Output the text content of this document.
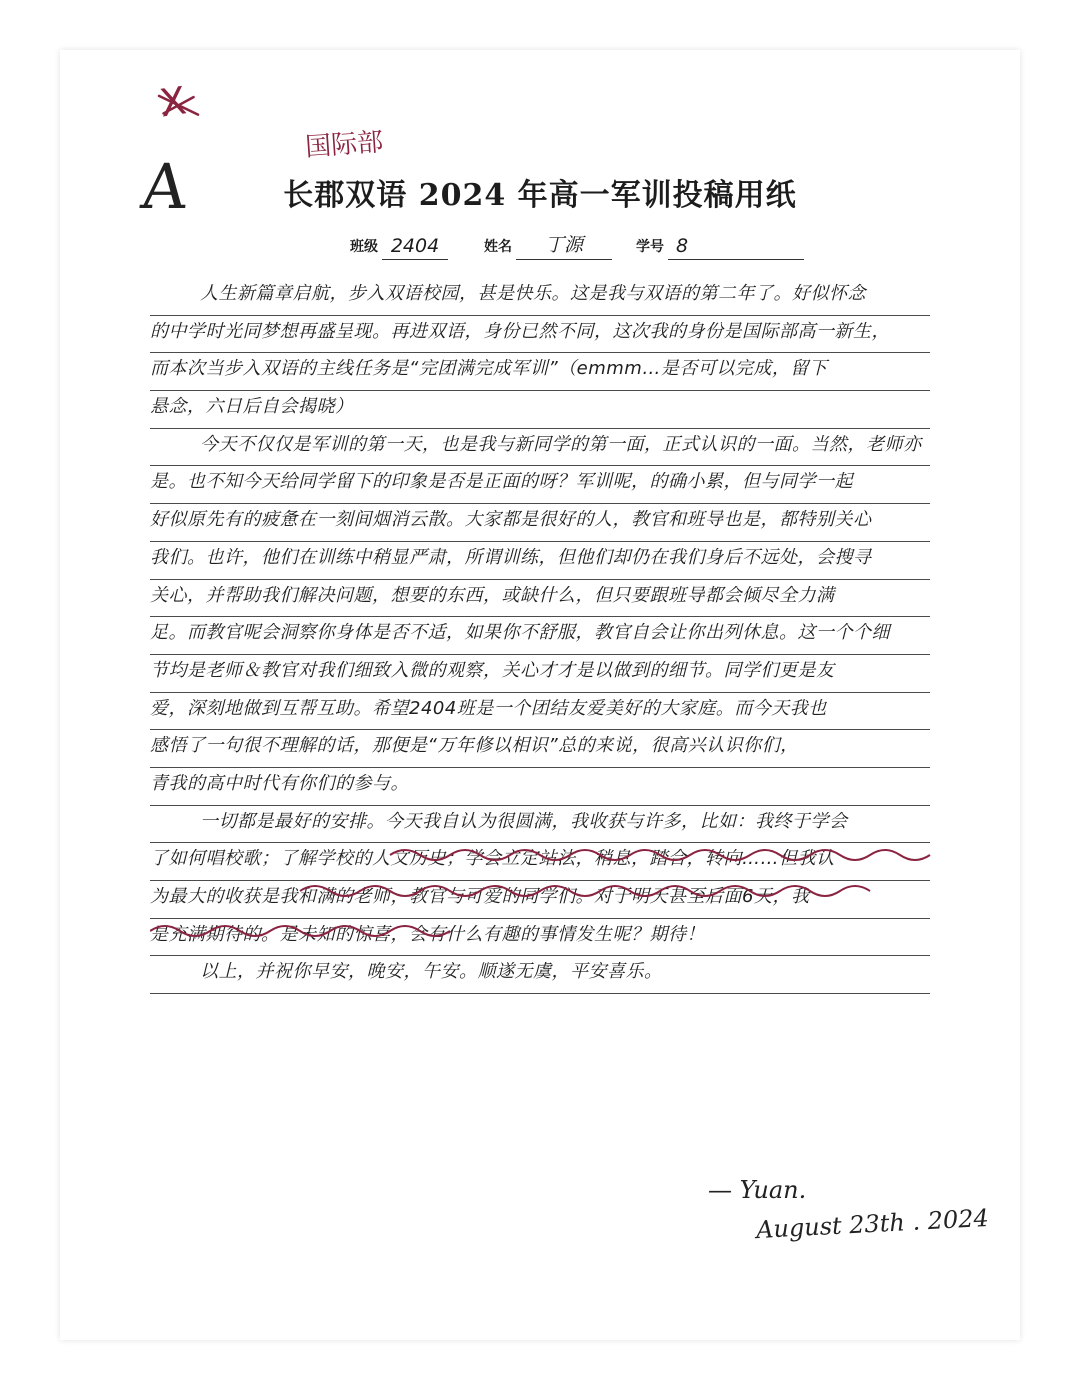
X
A
国际部
长郡双语 2024 年高一军训投稿用纸
班级 2404	姓名	丁源	学号 8
人生新篇章启航，步入双语校园，甚是快乐。这是我与双语的第二年了。好似怀念
的中学时光同梦想再盛呈现。再进双语，身份已然不同，这次我的身份是国际部高一新生，
而本次当步入双语的主线任务是“完团满完成军训”（emmm…是否可以完成，留下
悬念，六日后自会揭晓）
今天不仅仅是军训的第一天，也是我与新同学的第一面，正式认识的一面。当然，老师亦
是。也不知今天给同学留下的印象是否是正面的呀？军训呢，的确小累，但与同学一起
好似原先有的疲惫在一刻间烟消云散。大家都是很好的人，教官和班导也是，都特别关心
我们。也许，他们在训练中稍显严肃，所谓训练，但他们却仍在我们身后不远处，会搜寻
关心，并帮助我们解决问题，想要的东西，或缺什么，但只要跟班导都会倾尽全力满
足。而教官呢会洞察你身体是否不适，如果你不舒服，教官自会让你出列休息。这一个个细
节均是老师＆教官对我们细致入微的观察，关心才才是以做到的细节。同学们更是友
爱，深刻地做到互帮互助。希望2404班是一个团结友爱美好的大家庭。而今天我也
感悟了一句很不理解的话，那便是“万年修以相识”总的来说，很高兴认识你们，
青我的高中时代有你们的参与。
一切都是最好的安排。今天我自认为很圆满，我收获与许多，比如：我终于学会
了如何唱校歌；了解学校的人文历史；学会立定站法，稍息，踏合，转向……但我认
为最大的收获是我和满的老师，教官与可爱的同学们。对于明天甚至后面6天，我
是充满期待的。是未知的惊喜，会有什么有趣的事情发生呢？期待！
以上，并祝你早安，晚安，午安。顺遂无虞，平安喜乐。
— Yuan.
August 23th . 2024
